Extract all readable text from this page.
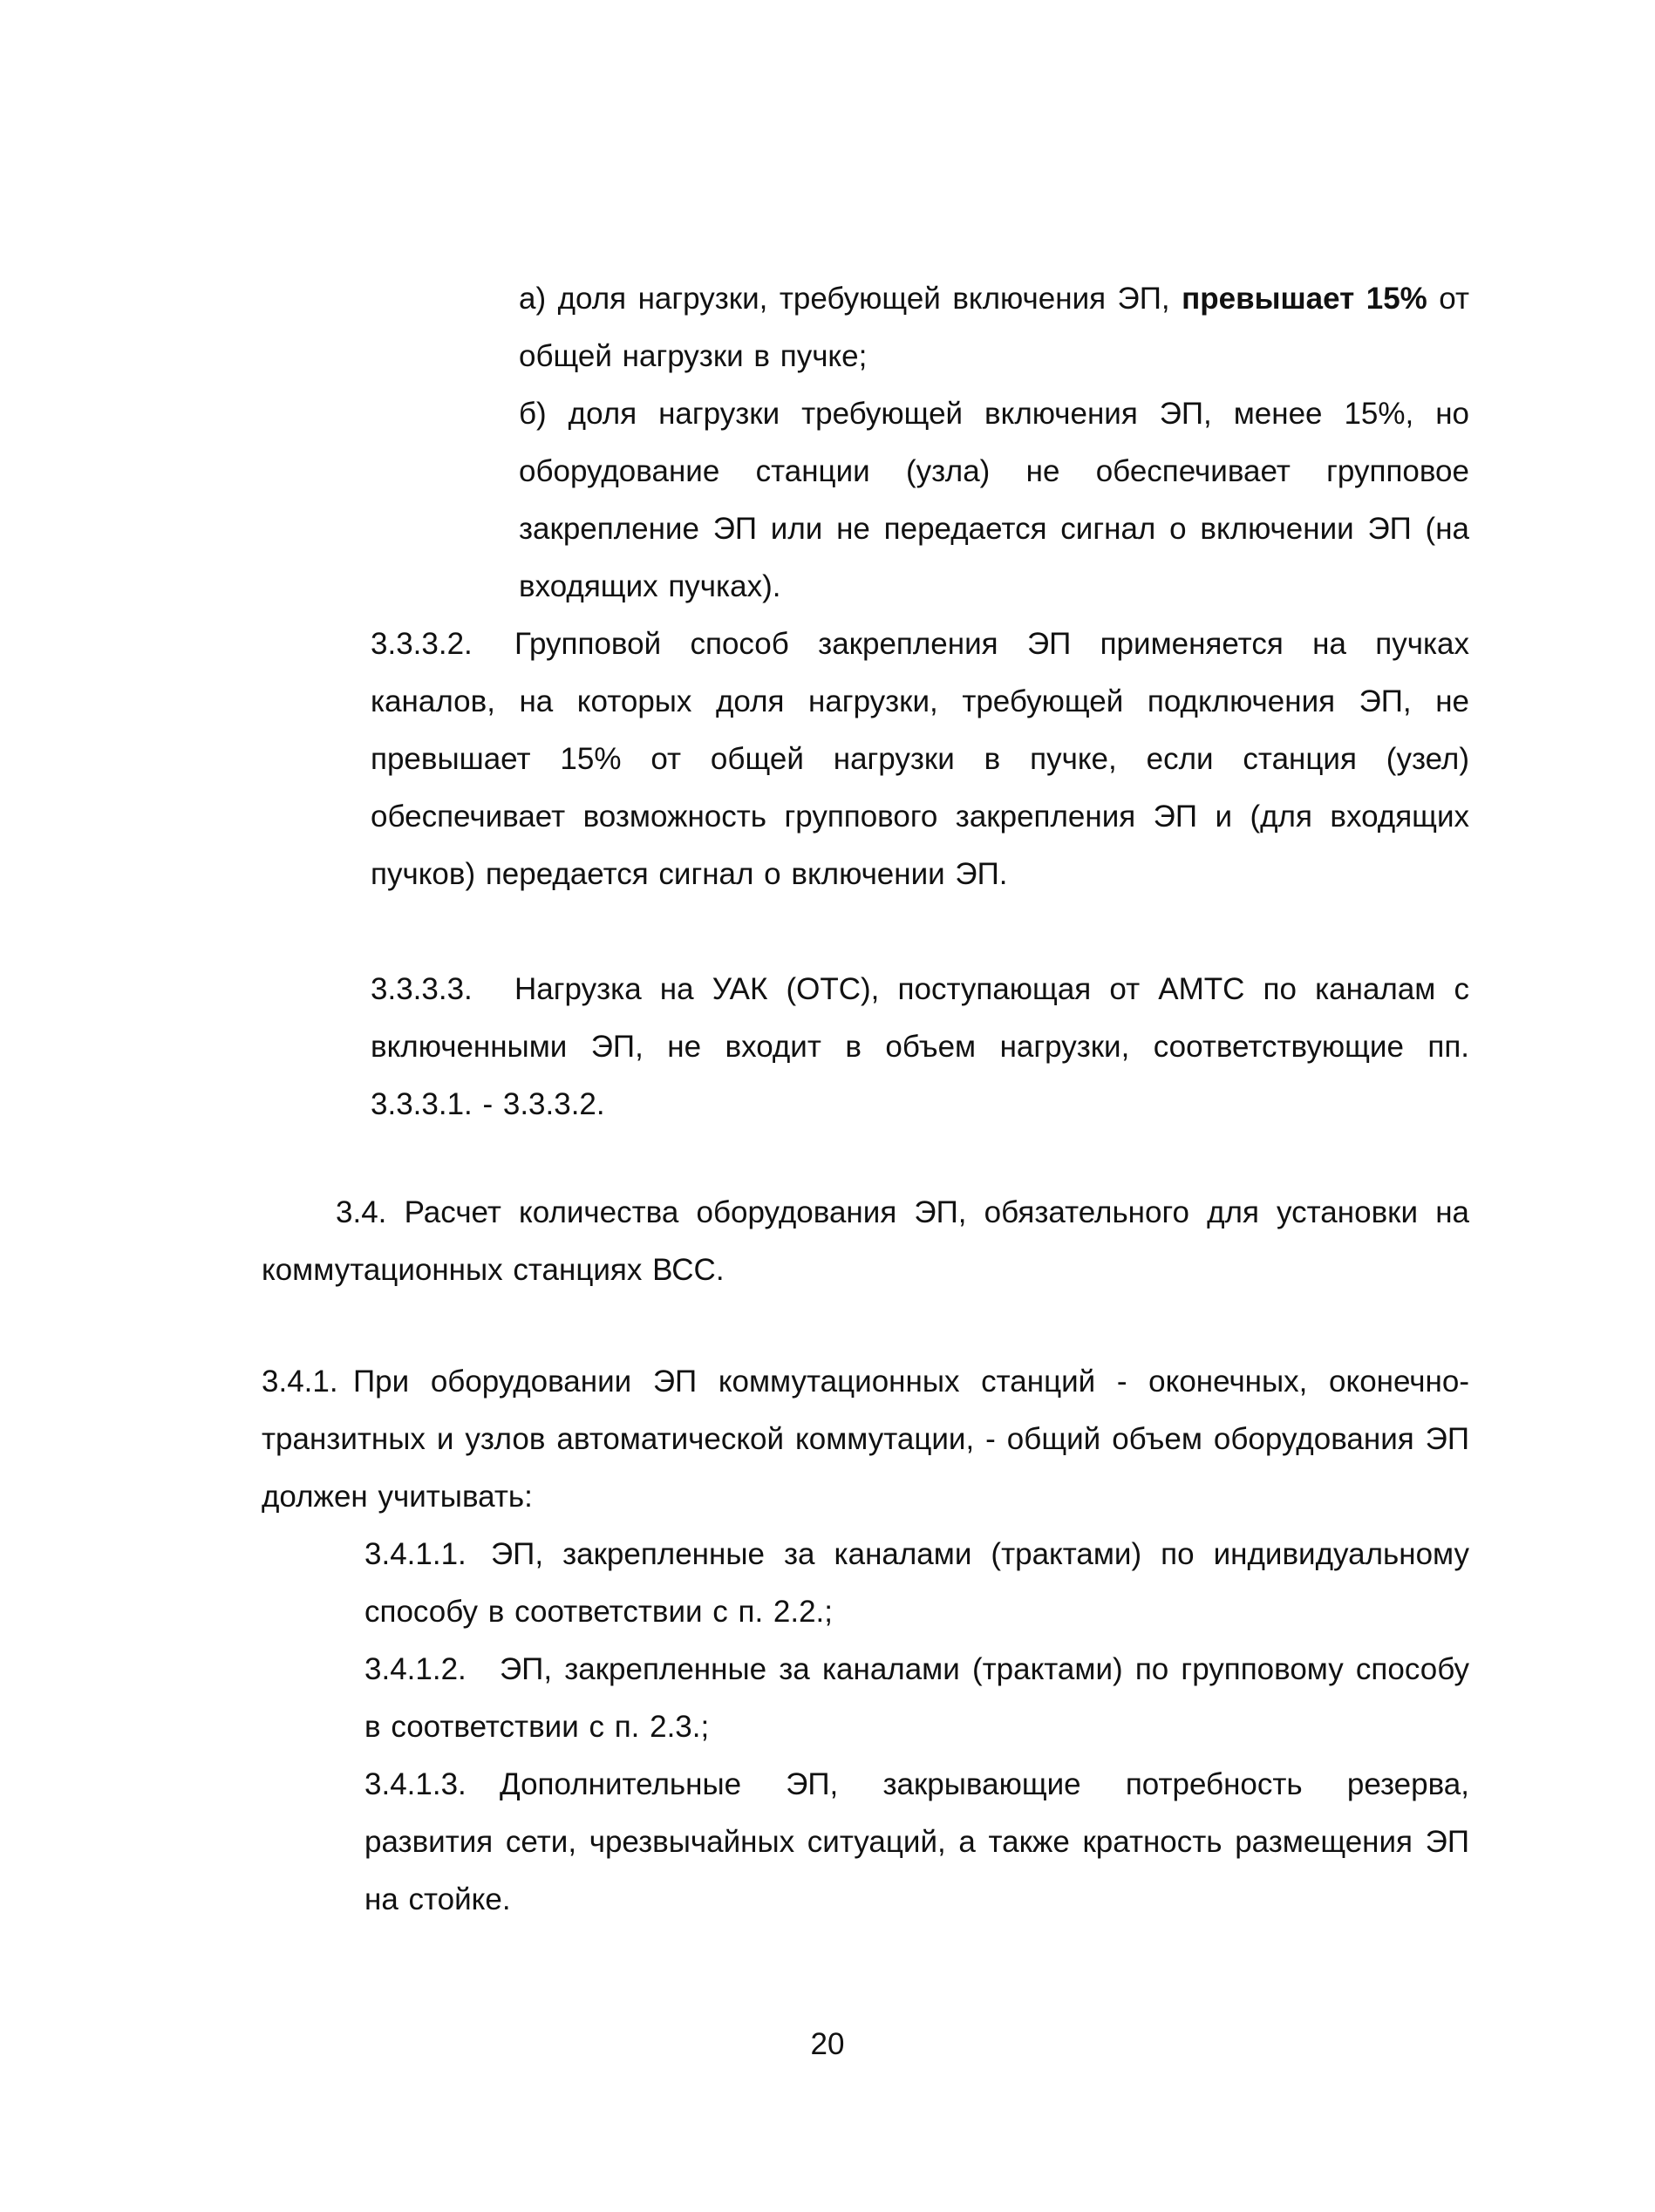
а) доля нагрузки, требующей включения ЭП, превышает 15% от общей нагрузки в пучке;
б) доля нагрузки требующей включения ЭП, менее 15%, но оборудование станции (узла) не обеспечивает групповое закрепление ЭП или не передается сигнал о включении ЭП (на входящих пучках).
3.3.3.2.	Групповой способ закрепления ЭП применяется на пучках каналов, на которых доля нагрузки, требующей подключения ЭП, не превышает 15% от общей нагрузки в пучке, если станция (узел) обеспечивает возможность группового закрепления ЭП и (для входящих пучков) передается сигнал о включении ЭП.
3.3.3.3.	Нагрузка на УАК (ОТС), поступающая от АМТС по каналам с включенными ЭП, не входит в объем нагрузки, соответствующие пп. 3.3.3.1. - 3.3.3.2.
3.4. Расчет количества оборудования ЭП, обязательного для установки на коммутационных станциях ВСС.
3.4.1. При оборудовании ЭП коммутационных станций - оконечных, оконечно-транзитных и узлов автоматической коммутации, - общий объем оборудования ЭП должен учитывать:
3.4.1.1. ЭП, закрепленные за каналами (трактами) по индивидуальному способу в соответствии с п. 2.2.;
3.4.1.2.	ЭП, закрепленные за каналами (трактами) по групповому способу в соответствии с п. 2.3.;
3.4.1.3.	Дополнительные ЭП, закрывающие потребность резерва, развития сети, чрезвычайных ситуаций, а также кратность размещения ЭП на стойке.
20
